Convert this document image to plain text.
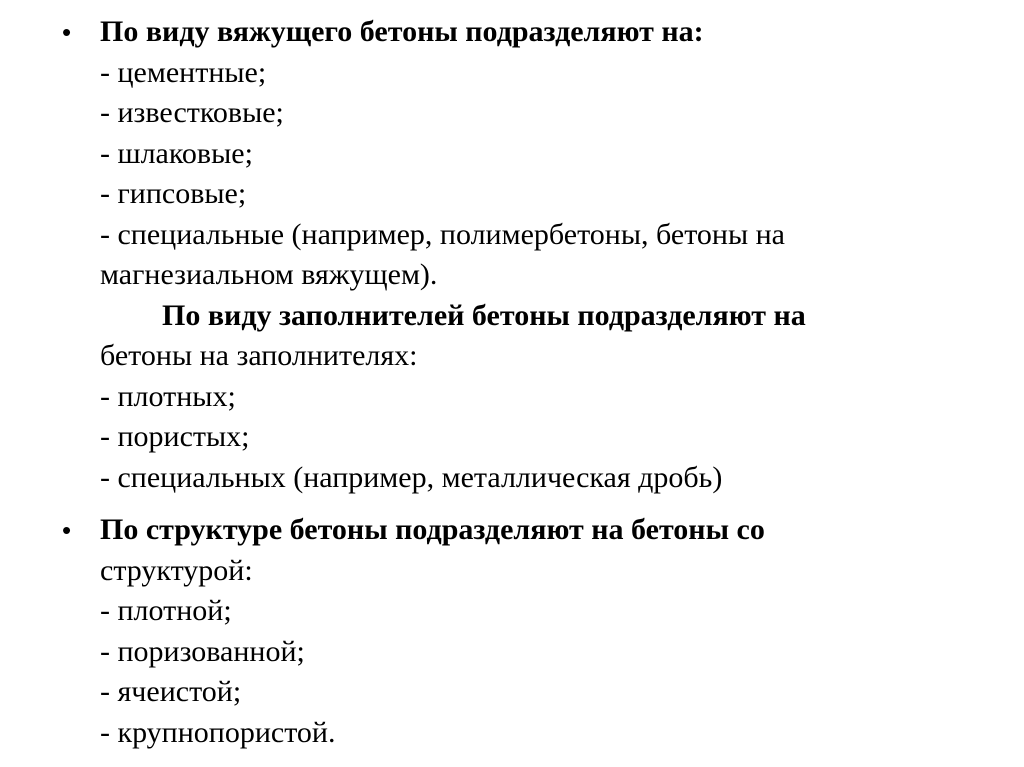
• По виду вяжущего бетоны подразделяют на:
- цементные;
- известковые;
- шлаковые;
- гипсовые;
- специальные (например, полимербетоны, бетоны на
магнезиальном вяжущем).
По виду заполнителей бетоны подразделяют на
бетоны на заполнителях:
- плотных;
- пористых;
- специальных (например, металлическая дробь)
• По структуре бетоны подразделяют на бетоны со
структурой:
- плотной;
- поризованной;
- ячеистой;
- крупнопористой.
